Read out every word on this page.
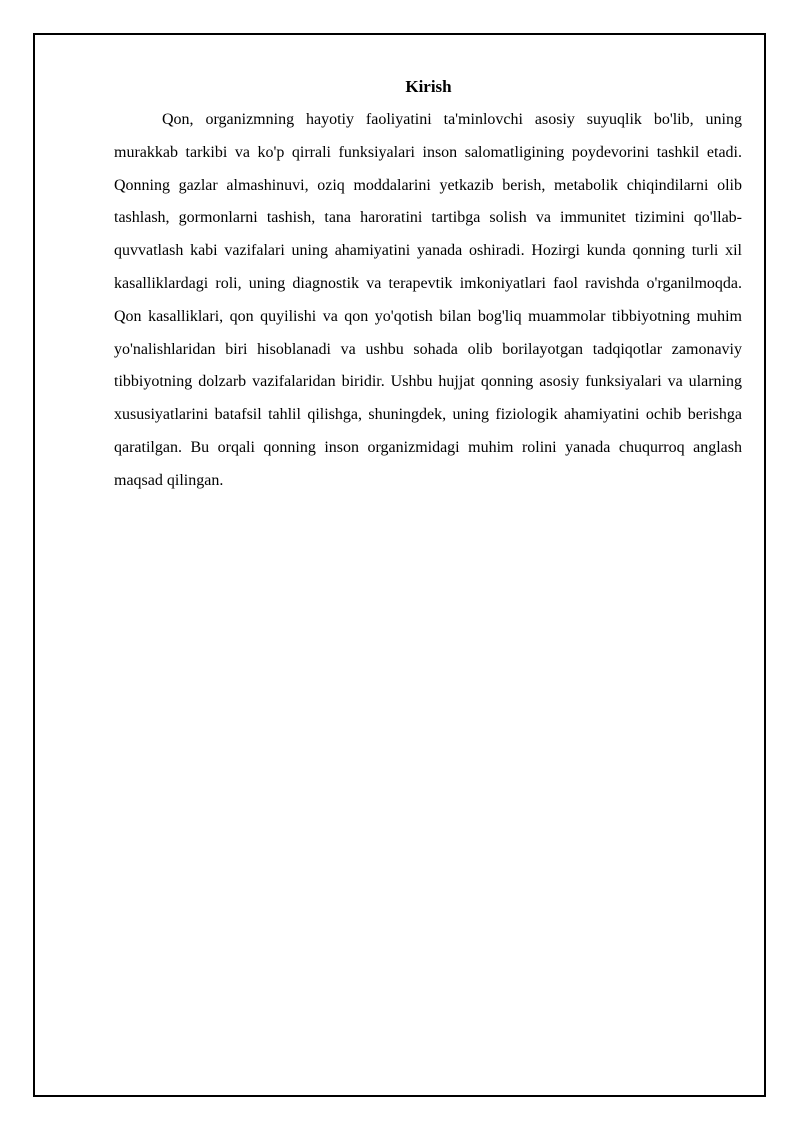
Kirish

Qon, organizmning hayotiy faoliyatini ta'minlovchi asosiy suyuqlik bo'lib, uning murakkab tarkibi va ko'p qirrali funksiyalari inson salomatligining poydevorini tashkil etadi. Qonning gazlar almashinuvi, oziq moddalarini yetkazib berish, metabolik chiqindilarni olib tashlash, gormonlarni tashish, tana haroratini tartibga solish va immunitet tizimini qo'llab-quvvatlash kabi vazifalari uning ahamiyatini yanada oshiradi. Hozirgi kunda qonning turli xil kasalliklardagi roli, uning diagnostik va terapevtik imkoniyatlari faol ravishda o'rganilmoqda. Qon kasalliklari, qon quyilishi va qon yo'qotish bilan bog'liq muammolar tibbiyotning muhim yo'nalishlaridan biri hisoblanadi va ushbu sohada olib borilayotgan tadqiqotlar zamonaviy tibbiyotning dolzarb vazifalaridan biridir. Ushbu hujjat qonning asosiy funksiyalari va ularning xususiyatlarini batafsil tahlil qilishga, shuningdek, uning fiziologik ahamiyatini ochib berishga qaratilgan. Bu orqali qonning inson organizmidagi muhim rolini yanada chuqurroq anglash maqsad qilingan.
